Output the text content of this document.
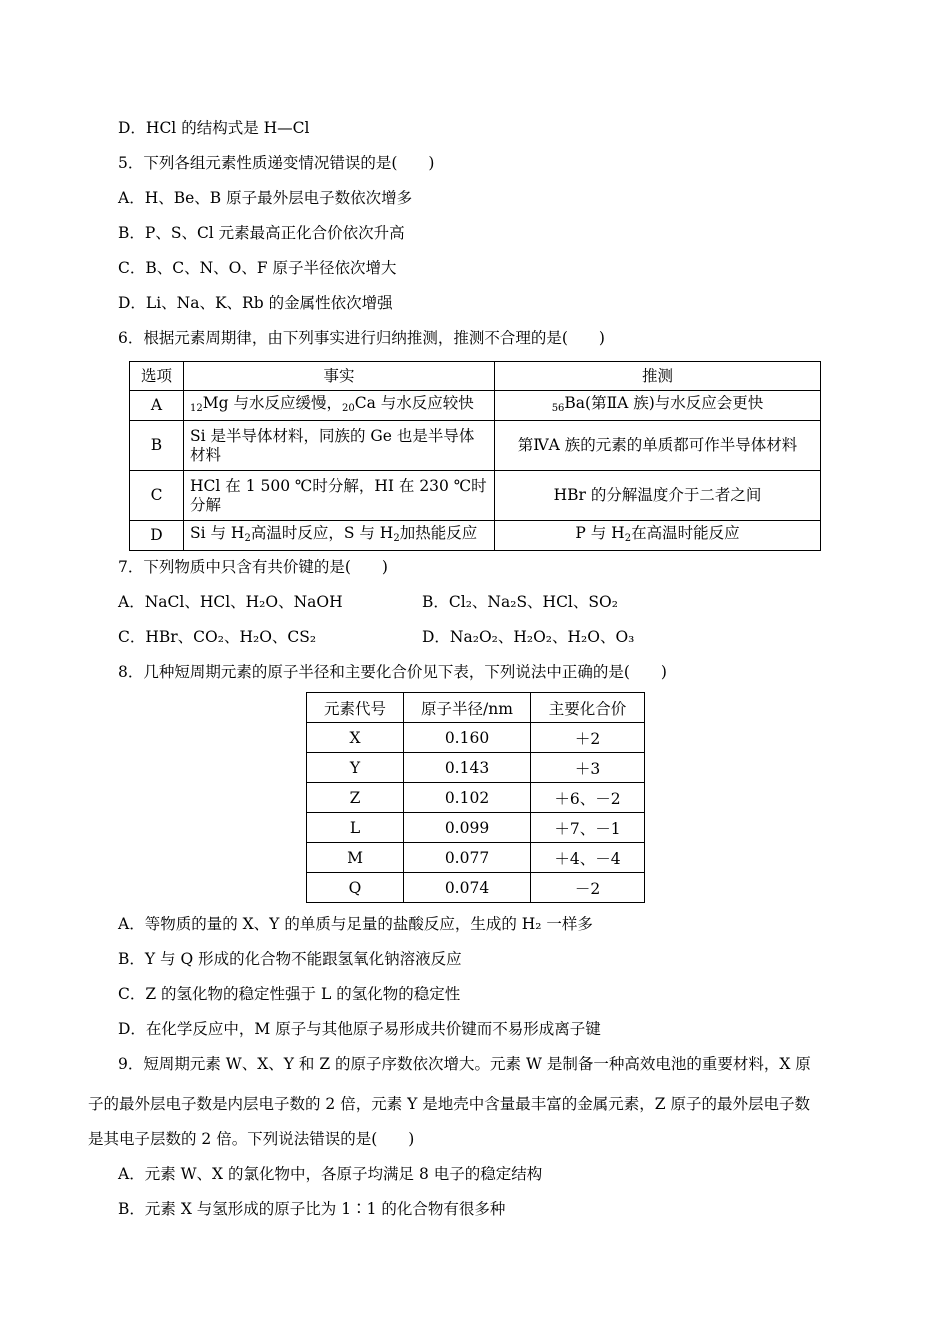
D．HCl 的结构式是 H—Cl
5．下列各组元素性质递变情况错误的是(　　)
A．H、Be、B 原子最外层电子数依次增多
B．P、S、Cl 元素最高正化合价依次升高
C．B、C、N、O、F 原子半径依次增大
D．Li、Na、K、Rb 的金属性依次增强
6．根据元素周期律，由下列事实进行归纳推测，推测不合理的是(　　)
选项	事实	推测
A	12Mg 与水反应缓慢，20Ca 与水反应较快	56Ba(第ⅡA 族)与水反应会更快
B	Si 是半导体材料，同族的 Ge 也是半导体材料	第ⅣA 族的元素的单质都可作半导体材料
C	HCl 在 1 500 ℃时分解，HI 在 230 ℃时分解	HBr 的分解温度介于二者之间
D	Si 与 $H_2$高温时反应，S 与 $H_2$加热能反应	P 与 $H_2$在高温时能反应
7．下列物质中只含有共价键的是(　　)
A．NaCl、HCl、H₂O、NaOH	B．Cl₂、Na₂S、HCl、SO₂
C．HBr、CO₂、H₂O、CS₂	D．Na₂O₂、H₂O₂、H₂O、O₃
8．几种短周期元素的原子半径和主要化合价见下表，下列说法中正确的是(　　)
元素代号	原子半径/nm	主要化合价
X	0.160	＋2
Y	0.143	＋3
Z	0.102	＋6、－2
L	0.099	＋7、－1
M	0.077	＋4、－4
Q	0.074	－2
A．等物质的量的 X、Y 的单质与足量的盐酸反应，生成的 H₂ 一样多
B．Y 与 Q 形成的化合物不能跟氢氧化钠溶液反应
C．Z 的氢化物的稳定性强于 L 的氢化物的稳定性
D．在化学反应中，M 原子与其他原子易形成共价键而不易形成离子键
9．短周期元素 W、X、Y 和 Z 的原子序数依次增大。元素 W 是制备一种高效电池的重要材料，X 原
子的最外层电子数是内层电子数的 2 倍，元素 Y 是地壳中含量最丰富的金属元素，Z 原子的最外层电子数
是其电子层数的 2 倍。下列说法错误的是(　　)
A．元素 W、X 的氯化物中，各原子均满足 8 电子的稳定结构
B．元素 X 与氢形成的原子比为 1∶1 的化合物有很多种
